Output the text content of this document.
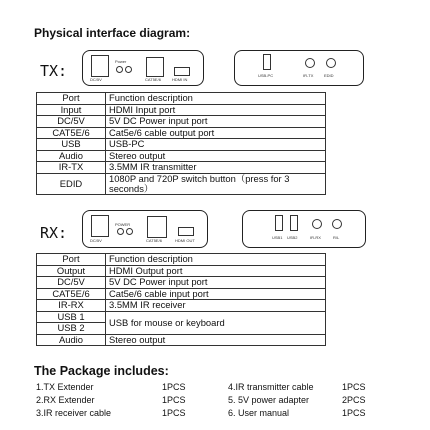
Physical interface diagram:
TX:	DC/5V
Power
CAT5E/6	HDMI IN
USB-PC	IR-TX	EDID
Port	Function description
Input	HDMI Input port
DC/5V	5V DC Power input port
CAT5E/6	Cat5e/6 cable output port
USB	USB-PC
Audio	Stereo output
IR-TX	3.5MM IR transmitter
EDID	1080P and 720P switch button（press for 3 seconds）
RX:	DC/5V
POWER
CAT5E/6	HDMI OUT
USB1 USB2	IR-RX	R/L
Port	Function description
Output	HDMI Output port
DC/5V	5V DC Power input port
CAT5E/6	Cat5e/6 cable input port
IR-RX	3.5MM IR receiver
USB 1	USB for mouse or keyboard
USB 2	
Audio	Stereo output
The Package includes:
1.TX Extender	1PCS	4.IR transmitter cable	1PCS
2.RX Extender	1PCS	5. 5V power adapter	2PCS
3.IR receiver cable	1PCS	6. User manual	1PCS
